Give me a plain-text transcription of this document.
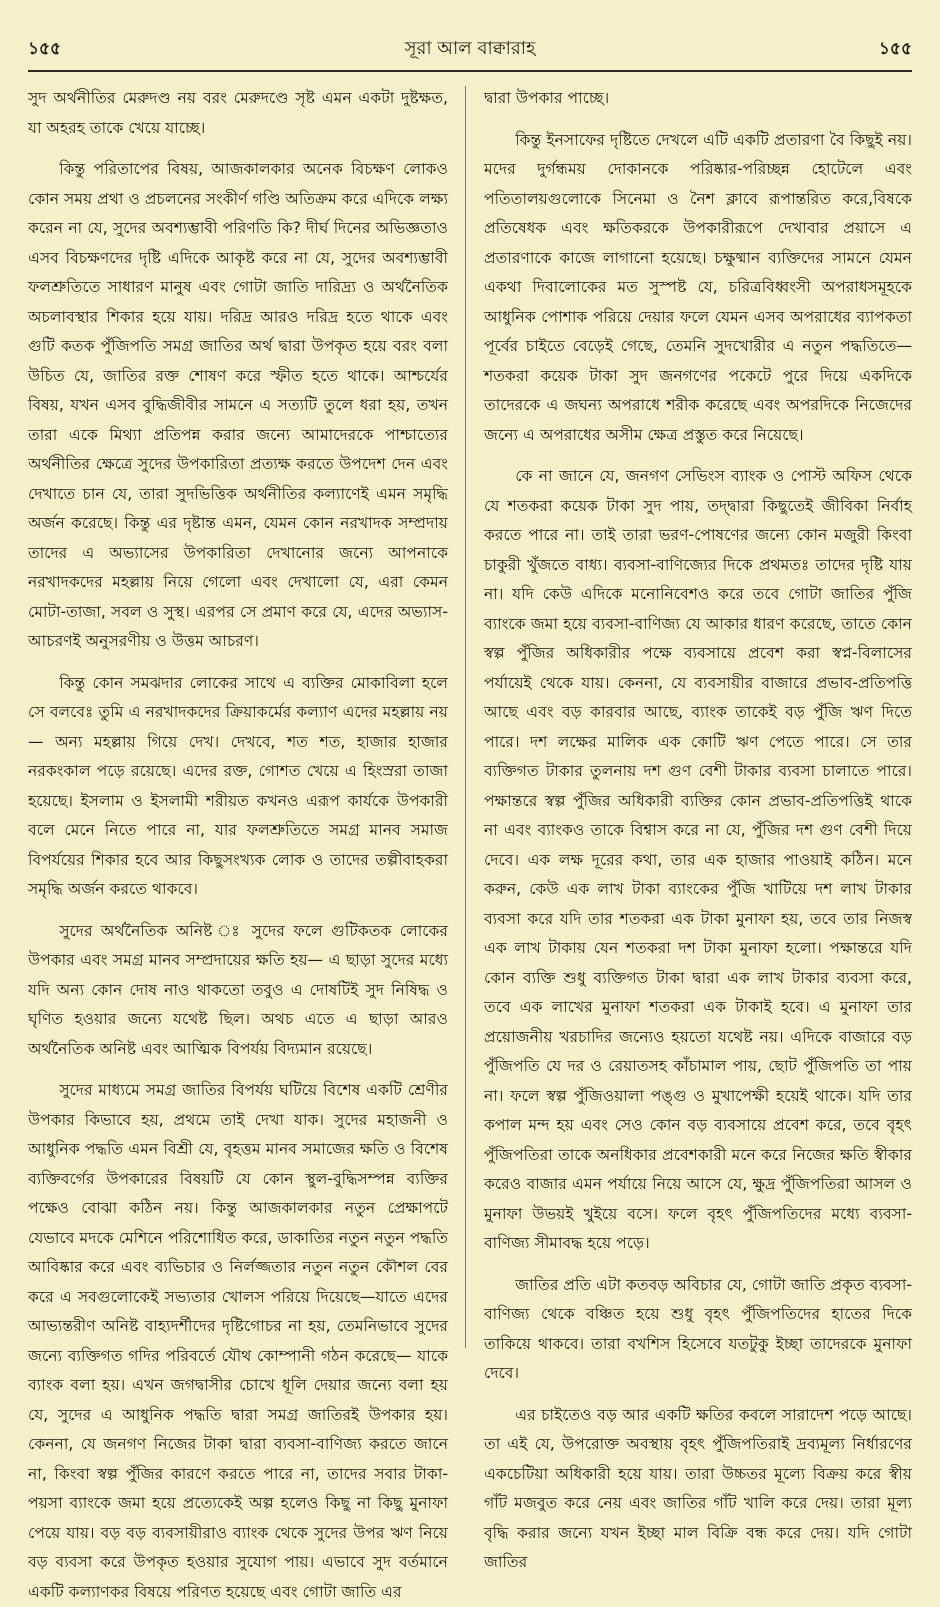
১৫৫	সূরা আল বাক্বারাহ	১৫৫

সুদ অর্থনীতির মেরুদণ্ড নয় বরং মেরুদণ্ডে সৃষ্ট এমন একটা দুষ্টক্ষত, যা অহরহ তাকে খেয়ে যাচ্ছে।

কিন্তু পরিতাপের বিষয়, আজকালকার অনেক বিচক্ষণ লোকও কোন সময় প্রথা ও প্রচলনের সংকীর্ণ গণ্ডি অতিক্রম করে এদিকে লক্ষ্য করেন না যে, সুদের অবশ্যম্ভাবী পরিণতি কি? দীর্ঘ দিনের অভিজ্ঞতাও এসব বিচক্ষণদের দৃষ্টি এদিকে আকৃষ্ট করে না যে, সুদের অবশ্যম্ভাবী ফলশ্রুতিতে সাধারণ মানুষ এবং গোটা জাতি দারিদ্র্য ও অর্থনৈতিক অচলাবস্থার শিকার হয়ে যায়। দরিদ্র আরও দরিদ্র হতে থাকে এবং গুটি কতক পুঁজিপতি সমগ্র জাতির অর্থ দ্বারা উপকৃত হয়ে বরং বলা উচিত যে, জাতির রক্ত শোষণ করে স্ফীত হতে থাকে। আশ্চর্যের বিষয়, যখন এসব বুদ্ধিজীবীর সামনে এ সত্যটি তুলে ধরা হয়, তখন তারা একে মিথ্যা প্রতিপন্ন করার জন্যে আমাদেরকে পাশ্চাত্যের অর্থনীতির ক্ষেত্রে সুদের উপকারিতা প্রত্যক্ষ করতে উপদেশ দেন এবং দেখাতে চান যে, তারা সুদভিত্তিক অর্থনীতির কল্যাণেই এমন সমৃদ্ধি অর্জন করেছে। কিন্তু এর দৃষ্টান্ত এমন, যেমন কোন নরখাদক সম্প্রদায় তাদের এ অভ্যাসের উপকারিতা দেখানোর জন্যে আপনাকে নরখাদকদের মহল্লায় নিয়ে গেলো এবং দেখালো যে, এরা কেমন মোটা-তাজা, সবল ও সুস্থ। এরপর সে প্রমাণ করে যে, এদের অভ্যাস-আচরণই অনুসরণীয় ও উত্তম আচরণ।

কিন্তু কোন সমঝদার লোকের সাথে এ ব্যক্তির মোকাবিলা হলে সে বলবেঃ তুমি এ নরখাদকদের ক্রিয়াকর্মের কল্যাণ এদের মহল্লায় নয়— অন্য মহল্লায় গিয়ে দেখ। দেখবে, শত শত, হাজার হাজার নরকংকাল পড়ে রয়েছে। এদের রক্ত, গোশত খেয়ে এ হিংস্ররা তাজা হয়েছে। ইসলাম ও ইসলামী শরীয়ত কখনও এরূপ কার্যকে উপকারী বলে মেনে নিতে পারে না, যার ফলশ্রুতিতে সমগ্র মানব সমাজ বিপর্যয়ের শিকার হবে আর কিছুসংখ্যক লোক ও তাদের তল্পীবাহকরা সমৃদ্ধি অর্জন করতে থাকবে।

সুদের অর্থনৈতিক অনিষ্ট ঃ সুদের ফলে গুটিকতক লোকের উপকার এবং সমগ্র মানব সম্প্রদায়ের ক্ষতি হয়— এ ছাড়া সুদের মধ্যে যদি অন্য কোন দোষ নাও থাকতো তবুও এ দোষটিই সুদ নিষিদ্ধ ও ঘৃণিত হওয়ার জন্যে যথেষ্ট ছিল। অথচ এতে এ ছাড়া আরও অর্থনৈতিক অনিষ্ট এবং আত্মিক বিপর্যয় বিদ্যমান রয়েছে।

সুদের মাধ্যমে সমগ্র জাতির বিপর্যয় ঘটিয়ে বিশেষ একটি শ্রেণীর উপকার কিভাবে হয়, প্রথমে তাই দেখা যাক। সুদের মহাজনী ও আধুনিক পদ্ধতি এমন বিশ্রী যে, বৃহত্তম মানব সমাজের ক্ষতি ও বিশেষ ব্যক্তিবর্গের উপকারের বিষয়টি যে কোন স্থুল-বুদ্ধিসম্পন্ন ব্যক্তির পক্ষেও বোঝা কঠিন নয়। কিন্তু আজকালকার নতুন প্রেক্ষাপটে যেভাবে মদকে মেশিনে পরিশোধিত করে, ডাকাতির নতুন নতুন পদ্ধতি আবিষ্কার করে এবং ব্যভিচার ও নির্লজ্জতার নতুন নতুন কৌশল বের করে এ সবগুলোকেই সভ্যতার খোলস পরিয়ে দিয়েছে—যাতে এদের আভ্যন্তরীণ অনিষ্ট বাহ্যদর্শীদের দৃষ্টিগোচর না হয়, তেমনিভাবে সুদের জন্যে ব্যক্তিগত গদির পরিবর্তে যৌথ কোম্পানী গঠন করেছে— যাকে ব্যাংক বলা হয়। এখন জগদ্বাসীর চোখে ধূলি দেয়ার জন্যে বলা হয় যে, সুদের এ আধুনিক পদ্ধতি দ্বারা সমগ্র জাতিরই উপকার হয়। কেননা, যে জনগণ নিজের টাকা দ্বারা ব্যবসা-বাণিজ্য করতে জানে না, কিংবা স্বল্প পুঁজির কারণে করতে পারে না, তাদের সবার টাকা-পয়সা ব্যাংকে জমা হয়ে প্রত্যেকেই অল্প হলেও কিছু না কিছু মুনাফা পেয়ে যায়। বড় বড় ব্যবসায়ীরাও ব্যাংক থেকে সুদের উপর ঋণ নিয়ে বড় ব্যবসা করে উপকৃত হওয়ার সুযোগ পায়। এভাবে সুদ বর্তমানে একটি কল্যাণকর বিষয়ে পরিণত হয়েছে এবং গোটা জাতি এর

দ্বারা উপকার পাচ্ছে।

কিন্তু ইনসাফের দৃষ্টিতে দেখলে এটি একটি প্রতারণা বৈ কিছুই নয়। মদের দুর্গন্ধময় দোকানকে পরিষ্কার-পরিচ্ছন্ন হোটেলে এবং পতিতালয়গুলোকে সিনেমা ও নৈশ ক্লাবে রূপান্তরিত করে,বিষকে প্রতিষেধক এবং ক্ষতিকরকে উপকারীরূপে দেখাবার প্রয়াসে এ প্রতারণাকে কাজে লাগানো হয়েছে। চক্ষুষ্মান ব্যক্তিদের সামনে যেমন একথা দিবালোকের মত সুস্পষ্ট যে, চরিত্রবিধ্বংসী অপরাধসমূহকে আধুনিক পোশাক পরিয়ে দেয়ার ফলে যেমন এসব অপরাধের ব্যাপকতা পূর্বের চাইতে বেড়েই গেছে, তেমনি সুদখোরীর এ নতুন পদ্ধতিতে—শতকরা কয়েক টাকা সুদ জনগণের পকেটে পুরে দিয়ে একদিকে তাদেরকে এ জঘন্য অপরাধে শরীক করেছে এবং অপরদিকে নিজেদের জন্যে এ অপরাধের অসীম ক্ষেত্র প্রস্তুত করে নিয়েছে।

কে না জানে যে, জনগণ সেভিংস ব্যাংক ও পোস্ট অফিস থেকে যে শতকরা কয়েক টাকা সুদ পায়, তদ্দ্বারা কিছুতেই জীবিকা নির্বাহ করতে পারে না। তাই তারা ভরণ-পোষণের জন্যে কোন মজুরী কিংবা চাকুরী খুঁজতে বাধ্য। ব্যবসা-বাণিজ্যের দিকে প্রথমতঃ তাদের দৃষ্টি যায় না। যদি কেউ এদিকে মনোনিবেশও করে তবে গোটা জাতির পুঁজি ব্যাংকে জমা হয়ে ব্যবসা-বাণিজ্য যে আকার ধারণ করেছে, তাতে কোন স্বল্প পুঁজির অধিকারীর পক্ষে ব্যবসায়ে প্রবেশ করা স্বপ্ন-বিলাসের পর্যায়েই থেকে যায়। কেননা, যে ব্যবসায়ীর বাজারে প্রভাব-প্রতিপত্তি আছে এবং বড় কারবার আছে, ব্যাংক তাকেই বড় পুঁজি ঋণ দিতে পারে। দশ লক্ষের মালিক এক কোটি ঋণ পেতে পারে। সে তার ব্যক্তিগত টাকার তুলনায় দশ গুণ বেশী টাকার ব্যবসা চালাতে পারে। পক্ষান্তরে স্বল্প পুঁজির অধিকারী ব্যক্তির কোন প্রভাব-প্রতিপত্তিই থাকে না এবং ব্যাংকও তাকে বিশ্বাস করে না যে, পুঁজির দশ গুণ বেশী দিয়ে দেবে। এক লক্ষ দূরের কথা, তার এক হাজার পাওয়াই কঠিন। মনে করুন, কেউ এক লাখ টাকা ব্যাংকের পুঁজি খাটিয়ে দশ লাখ টাকার ব্যবসা করে যদি তার শতকরা এক টাকা মুনাফা হয়, তবে তার নিজস্ব এক লাখ টাকায় যেন শতকরা দশ টাকা মুনাফা হলো। পক্ষান্তরে যদি কোন ব্যক্তি শুধু ব্যক্তিগত টাকা দ্বারা এক লাখ টাকার ব্যবসা করে, তবে এক লাখের মুনাফা শতকরা এক টাকাই হবে। এ মুনাফা তার প্রয়োজনীয় খরচাদির জন্যেও হয়তো যথেষ্ট নয়। এদিকে বাজারে বড় পুঁজিপতি যে দর ও রেয়াতসহ কাঁচামাল পায়, ছোট পুঁজিপতি তা পায় না। ফলে স্বল্প পুঁজিওয়ালা পঙ্গু ও মুখাপেক্ষী হয়েই থাকে। যদি তার কপাল মন্দ হয় এবং সেও কোন বড় ব্যবসায়ে প্রবেশ করে, তবে বৃহৎ পুঁজিপতিরা তাকে অনধিকার প্রবেশকারী মনে করে নিজের ক্ষতি স্বীকার করেও বাজার এমন পর্যায়ে নিয়ে আসে যে, ক্ষুদ্র পু্ঁজিপতিরা আসল ও মুনাফা উভয়ই খুইয়ে বসে। ফলে বৃহৎ পুঁজিপতিদের মধ্যে ব্যবসা-বাণিজ্য সীমাবদ্ধ হয়ে পড়ে।

জাতির প্রতি এটা কতবড় অবিচার যে, গোটা জাতি প্রকৃত ব্যবসা-বাণিজ্য থেকে বঞ্চিত হয়ে শুধু বৃহৎ পুঁজিপতিদের হাতের দিকে তাকিয়ে থাকবে। তারা বখশিস হিসেবে যতটুকু ইচ্ছা তাদেরকে মুনাফা দেবে।

এর চাইতেও বড় আর একটি ক্ষতির কবলে সারাদেশ পড়ে আছে। তা এই যে, উপরোক্ত অবস্থায় বৃহৎ পুঁজিপতিরাই দ্রব্যমূল্য নির্ধারণের একচেটিয়া অধিকারী হয়ে যায়। তারা উচ্চতর মূল্যে বিক্রয় করে স্বীয় গাঁট মজবুত করে নেয় এবং জাতির গাঁট খালি করে দেয়। তারা মূল্য বৃদ্ধি করার জন্যে যখন ইচ্ছা মাল বিক্রি বন্ধ করে দেয়। যদি গোটা জাতির
